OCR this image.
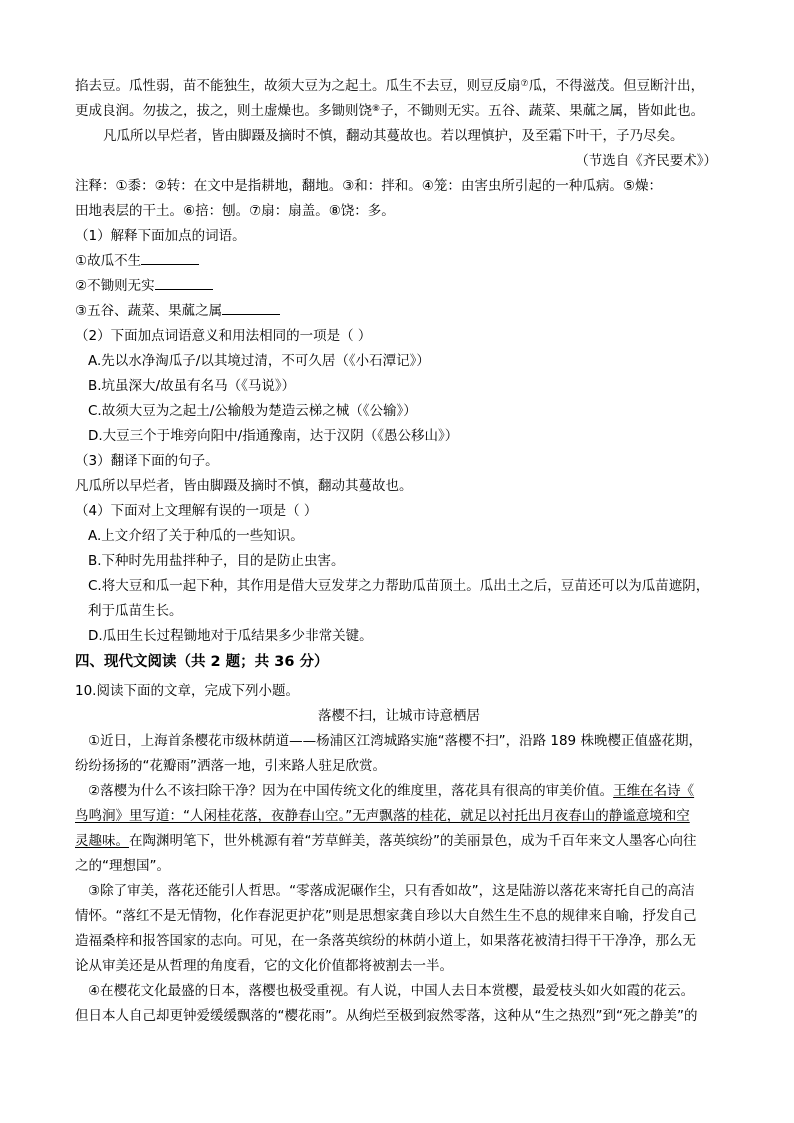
掐去豆。瓜性弱，苗不能独生，故须大豆为之起土。瓜生不去豆，则豆反扇⑦瓜，不得滋茂。但豆断汁出，

更成良润。勿拔之，拔之，则土虚燥也。多锄则饶⑧子，不锄则无实。五谷、蔬菜、果蓏之属，皆如此也。

凡瓜所以早烂者，皆由脚蹑及摘时不慎，翻动其蔓故也。若以理慎护，及至霜下叶干，子乃尽矣。

（节选自《齐民要术》）

注释：①黍：②转：在文中是指耕地，翻地。③和：拌和。④笼：由害虫所引起的一种瓜病。⑤燥：

田地表层的干土。⑥掊：刨。⑦扇：扇盖。⑧饶：多。

（1）解释下面加点的词语。

①故瓜不生

②不锄则无实

③五谷、蔬菜、果蓏之属

（2）下面加点词语意义和用法相同的一项是（ ）

A.先以水净淘瓜子/以其境过清，不可久居（《小石潭记》）

B.坑虽深大/故虽有名马（《马说》）

C.故须大豆为之起土/公输般为楚造云梯之械（《公输》）

D.大豆三个于堆旁向阳中/指通豫南，达于汉阴（《愚公移山》）

（3）翻译下面的句子。

凡瓜所以早烂者，皆由脚蹑及摘时不慎，翻动其蔓故也。

（4）下面对上文理解有误的一项是（ ）

A.上文介绍了关于种瓜的一些知识。

B.下种时先用盐拌种子，目的是防止虫害。

C.将大豆和瓜一起下种，其作用是借大豆发芽之力帮助瓜苗顶土。瓜出土之后，豆苗还可以为瓜苗遮阴，

利于瓜苗生长。

D.瓜田生长过程锄地对于瓜结果多少非常关键。

四、现代文阅读（共 2 题；共 36 分）

10.阅读下面的文章，完成下列小题。

落樱不扫，让城市诗意栖居

①近日，上海首条樱花市级林荫道——杨浦区江湾城路实施“落樱不扫”，沿路 189 株晚樱正值盛花期，

纷纷扬扬的“花瓣雨”洒落一地，引来路人驻足欣赏。

②落樱为什么不该扫除干净？因为在中国传统文化的维度里，落花具有很高的审美价值。王维在名诗《

鸟鸣涧》里写道：“人闲桂花落，夜静春山空。”无声飘落的桂花，就足以衬托出月夜春山的静谧意境和空

灵趣味。在陶渊明笔下，世外桃源有着“芳草鲜美，落英缤纷”的美丽景色，成为千百年来文人墨客心向往

之的“理想国”。

③除了审美，落花还能引人哲思。“零落成泥碾作尘，只有香如故”，这是陆游以落花来寄托自己的高洁

情怀。“落红不是无情物，化作春泥更护花”则是思想家龚自珍以大自然生生不息的规律来自喻，抒发自己

造福桑梓和报答国家的志向。可见，在一条落英缤纷的林荫小道上，如果落花被清扫得干干净净，那么无

论从审美还是从哲理的角度看，它的文化价值都将被割去一半。

④在樱花文化最盛的日本，落樱也极受重视。有人说，中国人去日本赏樱，最爱枝头如火如霞的花云。

但日本人自己却更钟爱缓缓飘落的“樱花雨”。从绚烂至极到寂然零落，这种从“生之热烈”到“死之静美”的
